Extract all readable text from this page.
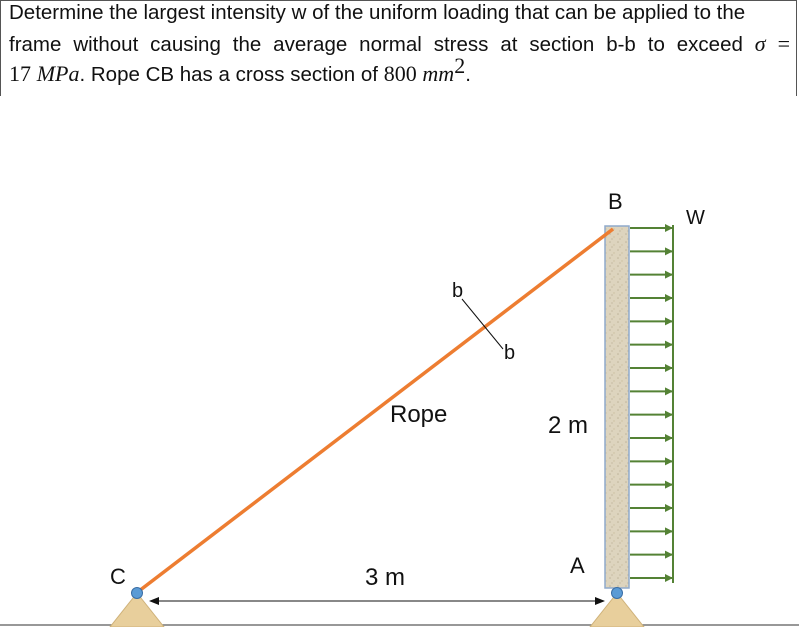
Determine the largest intensity w of the uniform loading that can be applied to the
frame without causing the average normal stress at section b-b to exceed σ =
17 MPa. Rope CB has a cross section of 800 $mm^2$.
C
B
A
W
Rope
b
b
3 m
2 m
